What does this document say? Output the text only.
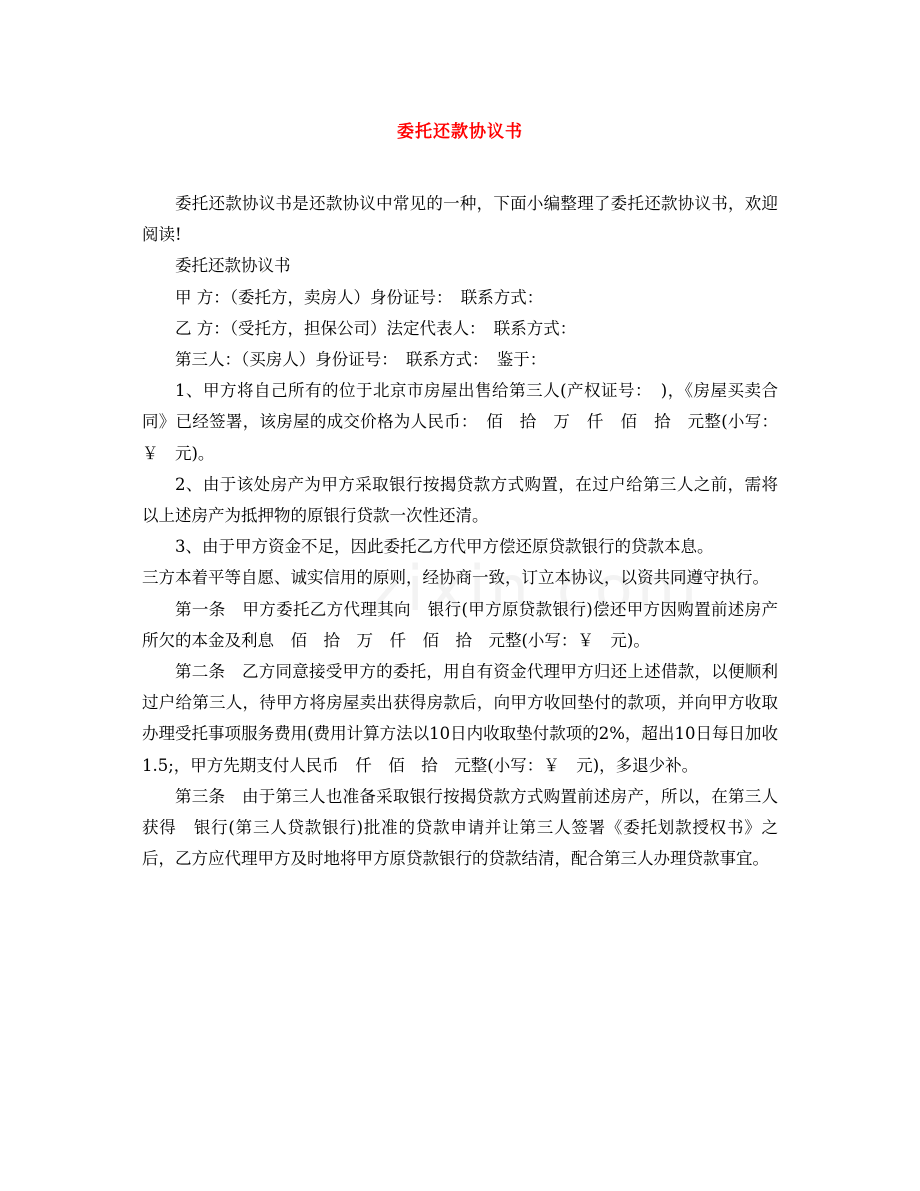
委托还款协议书

委托还款协议书是还款协议中常见的一种，下面小编整理了委托还款协议书，欢迎阅读!

委托还款协议书

甲 方：（委托方，卖房人）身份证号：　联系方式：

乙 方：（受托方，担保公司）法定代表人：　联系方式：

第三人：（买房人）身份证号：　联系方式：　鉴于：

1、甲方将自己所有的位于北京市房屋出售给第三人(产权证号：　)，《房屋买卖合同》已经签署，该房屋的成交价格为人民币：　佰　拾　万　仟　佰　拾　元整(小写：￥　元)。

2、由于该处房产为甲方采取银行按揭贷款方式购置，在过户给第三人之前，需将以上述房产为抵押物的原银行贷款一次性还清。

3、由于甲方资金不足，因此委托乙方代甲方偿还原贷款银行的贷款本息。

三方本着平等自愿、诚实信用的原则，经协商一致，订立本协议，以资共同遵守执行。

第一条　甲方委托乙方代理其向　银行(甲方原贷款银行)偿还甲方因购置前述房产所欠的本金及利息　佰　拾　万　仟　佰　拾　元整(小写：￥　元)。

第二条　乙方同意接受甲方的委托，用自有资金代理甲方归还上述借款，以便顺利过户给第三人，待甲方将房屋卖出获得房款后，向甲方收回垫付的款项，并向甲方收取办理受托事项服务费用(费用计算方法以10日内收取垫付款项的2%，超出10日每日加收1.5;，甲方先期支付人民币　仟　佰　拾　元整(小写：￥　元)，多退少补。

第三条　由于第三人也准备采取银行按揭贷款方式购置前述房产，所以，在第三人获得　银行(第三人贷款银行)批准的贷款申请并让第三人签署《委托划款授权书》之后，乙方应代理甲方及时地将甲方原贷款银行的贷款结清，配合第三人办理贷款事宜。
